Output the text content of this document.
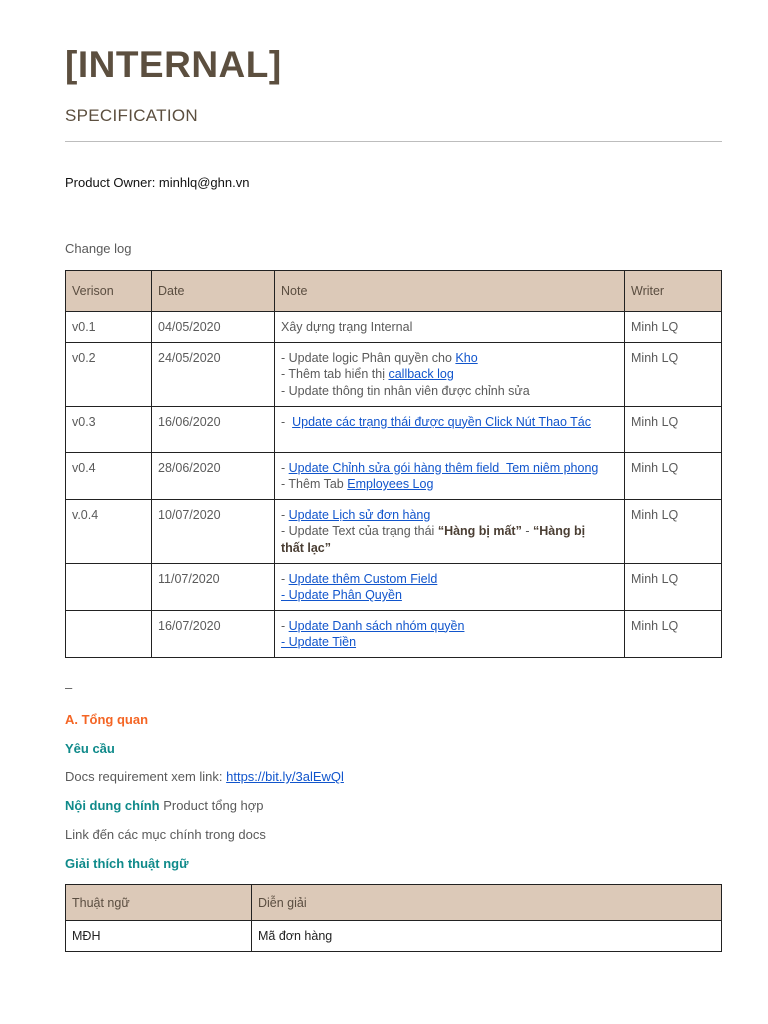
[INTERNAL]
SPECIFICATION
Product Owner: minhlq@ghn.vn
Change log
Verison	Date	Note	Writer
v0.1	04/05/2020	Xây dựng trạng Internal	Minh LQ
v0.2	24/05/2020	- Update logic Phân quyền cho Kho
- Thêm tab hiển thị callback log
- Update thông tin nhân viên được chỉnh sửa	Minh LQ
v0.3	16/06/2020	-  Update các trạng thái được quyền Click Nút Thao Tác	Minh LQ
v0.4	28/06/2020	- Update Chỉnh sửa gói hàng thêm field  Tem niêm phong
- Thêm Tab Employees Log	Minh LQ
v.0.4	10/07/2020	- Update Lịch sử đơn hàng
- Update Text của trạng thái “Hàng bị mất” - “Hàng bị
thất lạc”	Minh LQ
	11/07/2020	- Update thêm Custom Field
- Update Phân Quyền	Minh LQ
	16/07/2020	- Update Danh sách nhóm quyền
- Update Tiền	Minh LQ
–
A. Tổng quan
Yêu cầu
Docs requirement xem link: https://bit.ly/3alEwQl
Nội dung chính Product tổng hợp
Link đến các mục chính trong docs
Giải thích thuật ngữ
Thuật ngữ	Diễn giải
MĐH	Mã đơn hàng
